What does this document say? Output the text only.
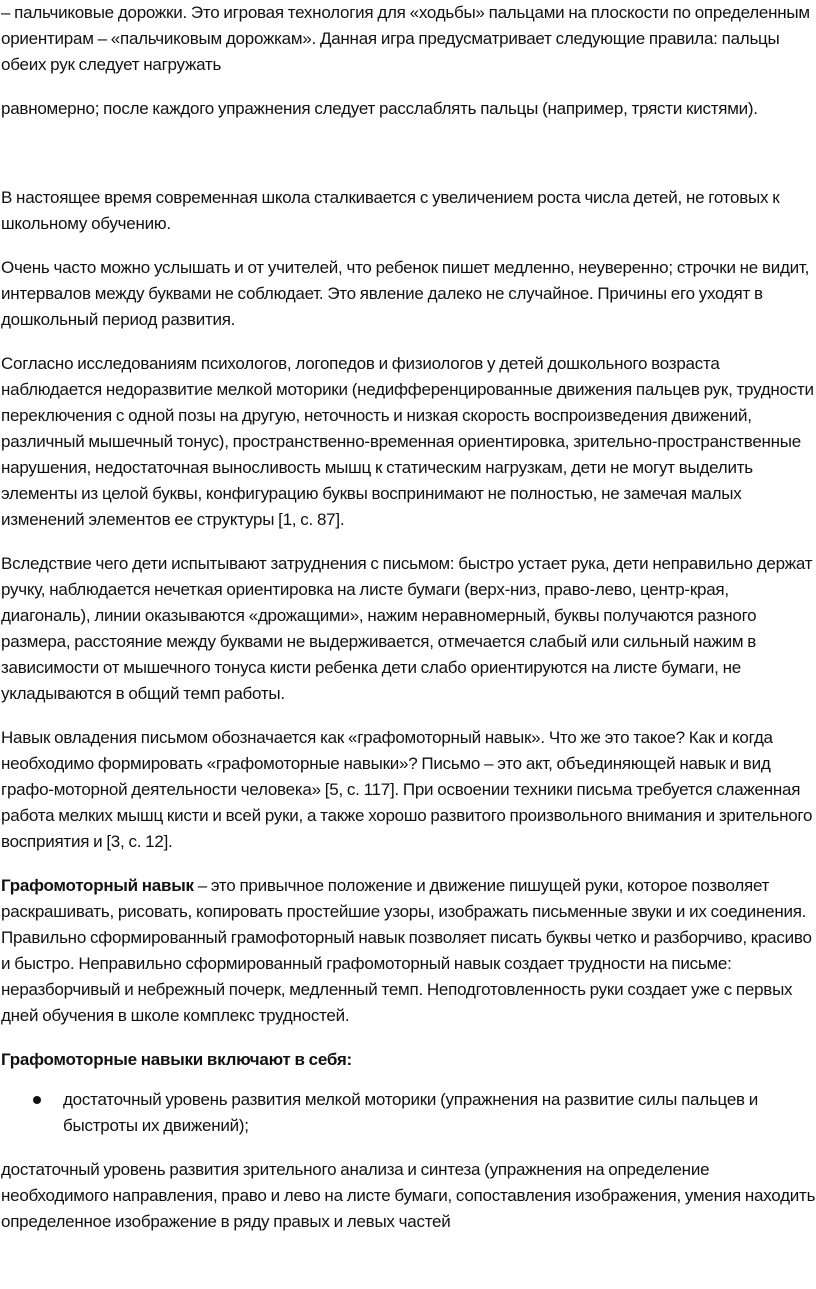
– пальчиковые дорожки. Это игровая технология для «ходьбы» пальцами на плоскости по определенным ориентирам – «пальчиковым дорожкам». Данная игра предусматривает следующие правила: пальцы обеих рук следует нагружать

равномерно; после каждого упражнения следует расслаблять пальцы (например, трясти кистями).

В настоящее время современная школа сталкивается с увеличением роста числа детей, не готовых к школьному обучению.

Очень часто можно услышать и от учителей, что ребенок пишет медленно, неуверенно; строчки не видит, интервалов между буквами не соблюдает. Это явление далеко не случайное. Причины его уходят в дошкольный период развития.

Согласно исследованиям психологов, логопедов и физиологов у детей дошкольного возраста наблюдается недоразвитие мелкой моторики (недифференцированные движения пальцев рук, трудности переключения с одной позы на другую, неточность и низкая скорость воспроизведения движений, различный мышечный тонус), пространственно-временная ориентировка, зрительно-пространственные нарушения, недостаточная выносливость мышц к статическим нагрузкам, дети не могут выделить элементы из целой буквы, конфигурацию буквы воспринимают не полностью, не замечая малых изменений элементов ее структуры [1, с. 87].

Вследствие чего дети испытывают затруднения с письмом: быстро устает рука, дети неправильно держат ручку, наблюдается нечеткая ориентировка на листе бумаги (верх-низ, право-лево, центр-края, диагональ), линии оказываются «дрожащими», нажим неравномерный, буквы получаются разного размера, расстояние между буквами не выдерживается, отмечается слабый или сильный нажим в зависимости от мышечного тонуса кисти ребенка дети слабо ориентируются на листе бумаги, не укладываются в общий темп работы.

Навык овладения письмом обозначается как «графомоторный навык». Что же это такое? Как и когда необходимо формировать «графомоторные навыки»? Письмо – это акт, объединяющей навык и вид графо-моторной деятельности человека» [5, с. 117]. При освоении техники письма требуется слаженная работа мелких мышц кисти и всей руки, а также хорошо развитого произвольного внимания и зрительного восприятия и [3, с. 12].

Графомоторный навык – это привычное положение и движение пишущей руки, которое позволяет раскрашивать, рисовать, копировать простейшие узоры, изображать письменные звуки и их соединения. Правильно сформированный грамофоторный навык позволяет писать буквы четко и разборчиво, красиво и быстро. Неправильно сформированный графомоторный навык создает трудности на письме: неразборчивый и небрежный почерк, медленный темп. Неподготовленность руки создает уже с первых дней обучения в школе комплекс трудностей.

Графомоторные навыки включают в себя:

достаточный уровень развития мелкой моторики (упражнения на развитие силы пальцев и быстроты их движений);

достаточный уровень развития зрительного анализа и синтеза (упражнения на определение необходимого направления, право и лево на листе бумаги, сопоставления изображения, умения находить определенное изображение в ряду правых и левых частей
